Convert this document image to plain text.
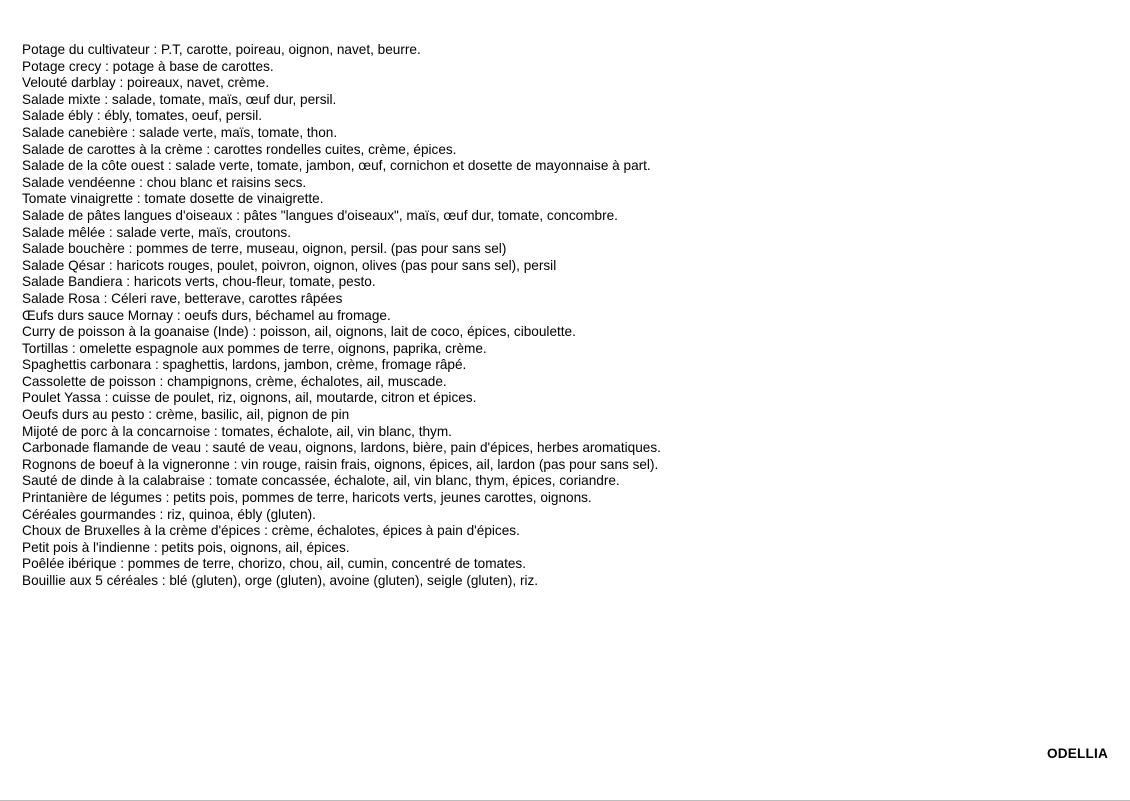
Potage du cultivateur : P.T, carotte, poireau, oignon, navet, beurre.
Potage crecy : potage à base de carottes.
Velouté darblay : poireaux, navet, crème.
Salade mixte : salade, tomate, maïs, œuf dur, persil.
Salade ébly : ébly, tomates, oeuf, persil.
Salade canebière : salade verte, maïs, tomate, thon.
Salade de carottes à la crème : carottes rondelles cuites, crème, épices.
Salade de la côte ouest : salade verte, tomate, jambon, œuf, cornichon et dosette de mayonnaise à part.
Salade vendéenne : chou blanc et raisins secs.
Tomate vinaigrette : tomate dosette de vinaigrette.
Salade de pâtes langues d'oiseaux : pâtes "langues d'oiseaux", maïs, œuf dur, tomate, concombre.
Salade mêlée : salade verte, maïs, croutons.
Salade bouchère : pommes de terre, museau, oignon, persil. (pas pour sans sel)
Salade Qésar : haricots rouges, poulet, poivron, oignon, olives (pas pour sans sel), persil
Salade Bandiera : haricots verts, chou-fleur, tomate, pesto.
Salade Rosa : Céleri rave, betterave, carottes râpées
Œufs durs sauce Mornay : oeufs durs, béchamel au fromage.
Curry de poisson à la goanaise (Inde) : poisson, ail, oignons, lait de coco, épices, ciboulette.
Tortillas : omelette espagnole aux pommes de terre, oignons, paprika, crème.
Spaghettis carbonara : spaghettis, lardons, jambon, crème, fromage râpé.
Cassolette de poisson : champignons, crème, échalotes, ail, muscade.
Poulet Yassa : cuisse de poulet, riz, oignons, ail, moutarde, citron et épices.
Oeufs durs au pesto : crème, basilic, ail, pignon de pin
Mijoté de porc à la concarnoise : tomates, échalote, ail, vin blanc, thym.
Carbonade flamande de veau : sauté de veau, oignons, lardons, bière, pain d'épices, herbes aromatiques.
Rognons de boeuf à la vigneronne : vin rouge, raisin frais, oignons, épices, ail, lardon (pas pour sans sel).
Sauté de dinde à la calabraise : tomate concassée, échalote, ail, vin blanc, thym, épices, coriandre.
Printanière de légumes : petits pois, pommes de terre, haricots verts, jeunes carottes, oignons.
Céréales gourmandes : riz, quinoa, ébly (gluten).
Choux de Bruxelles à la crème d'épices : crème, échalotes, épices à pain d'épices.
Petit pois à l'indienne : petits pois, oignons, ail, épices.
Poêlée ibérique : pommes de terre, chorizo, chou, ail, cumin, concentré de tomates.
Bouillie aux 5 céréales : blé (gluten), orge (gluten), avoine (gluten), seigle (gluten), riz.
ODELLIA
